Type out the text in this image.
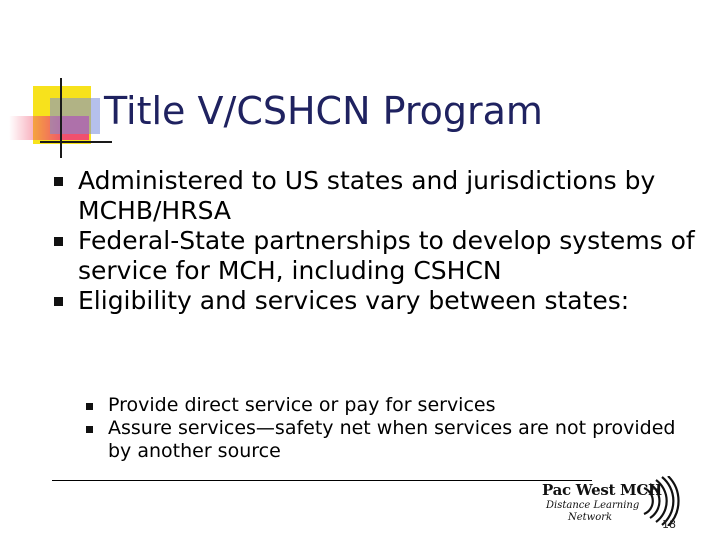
Title V/CSHCN Program
Administered to US states and jurisdictions by MCHB/HRSA
Federal-State partnerships to develop systems of service for MCH, including CSHCN
Eligibility and services vary between states:
Provide direct service or pay for services
Assure services—safety net when services are not provided by another source
Pac West MCH
Distance Learning
Network
18
